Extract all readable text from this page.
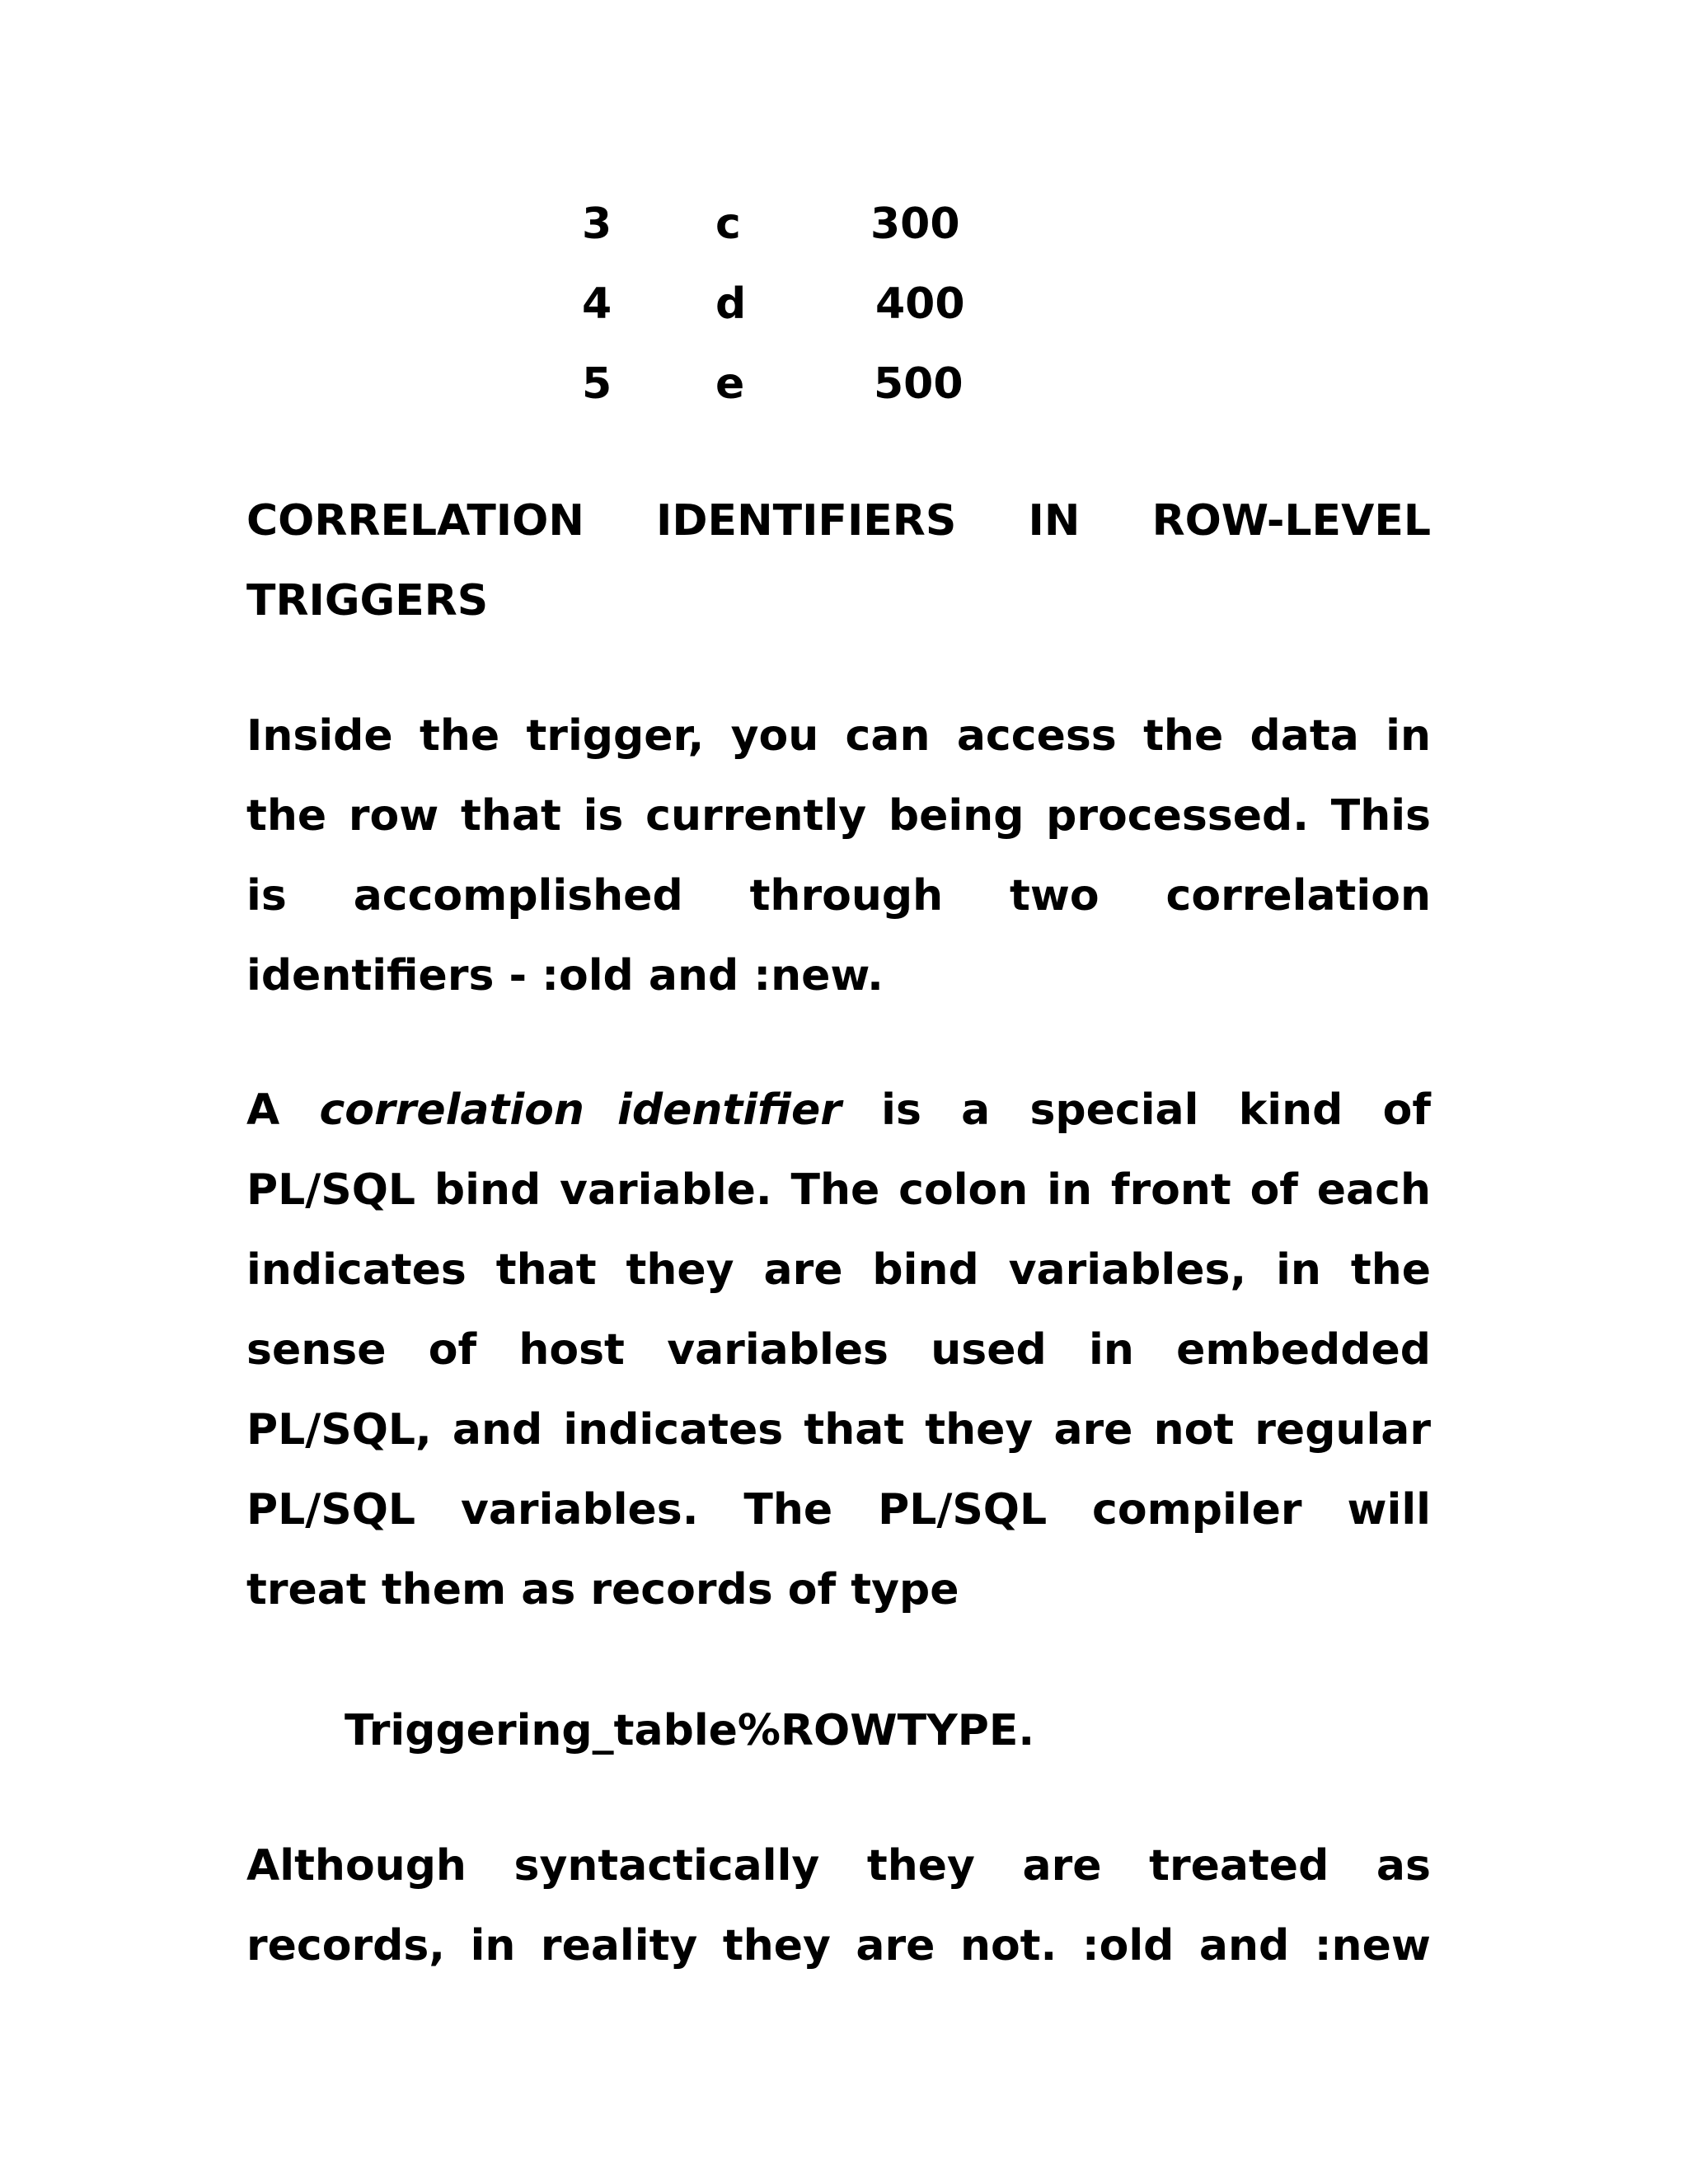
3 c	300
4 d	400
5 e	500
CORRELATION IDENTIFIERS IN ROW-LEVEL
TRIGGERS
Inside the trigger, you can access the data in
the row that is currently being processed. This
is accomplished through two correlation
identifiers - :old and :new.
A correlation identifier is a special kind of
PL/SQL bind variable. The colon in front of each
indicates that they are bind variables, in the
sense of host variables used in embedded
PL/SQL, and indicates that they are not regular
PL/SQL variables. The PL/SQL compiler will
treat them as records of type
Triggering_table%ROWTYPE.
Although syntactically they are treated as
records, in reality they are not. :old and :new
